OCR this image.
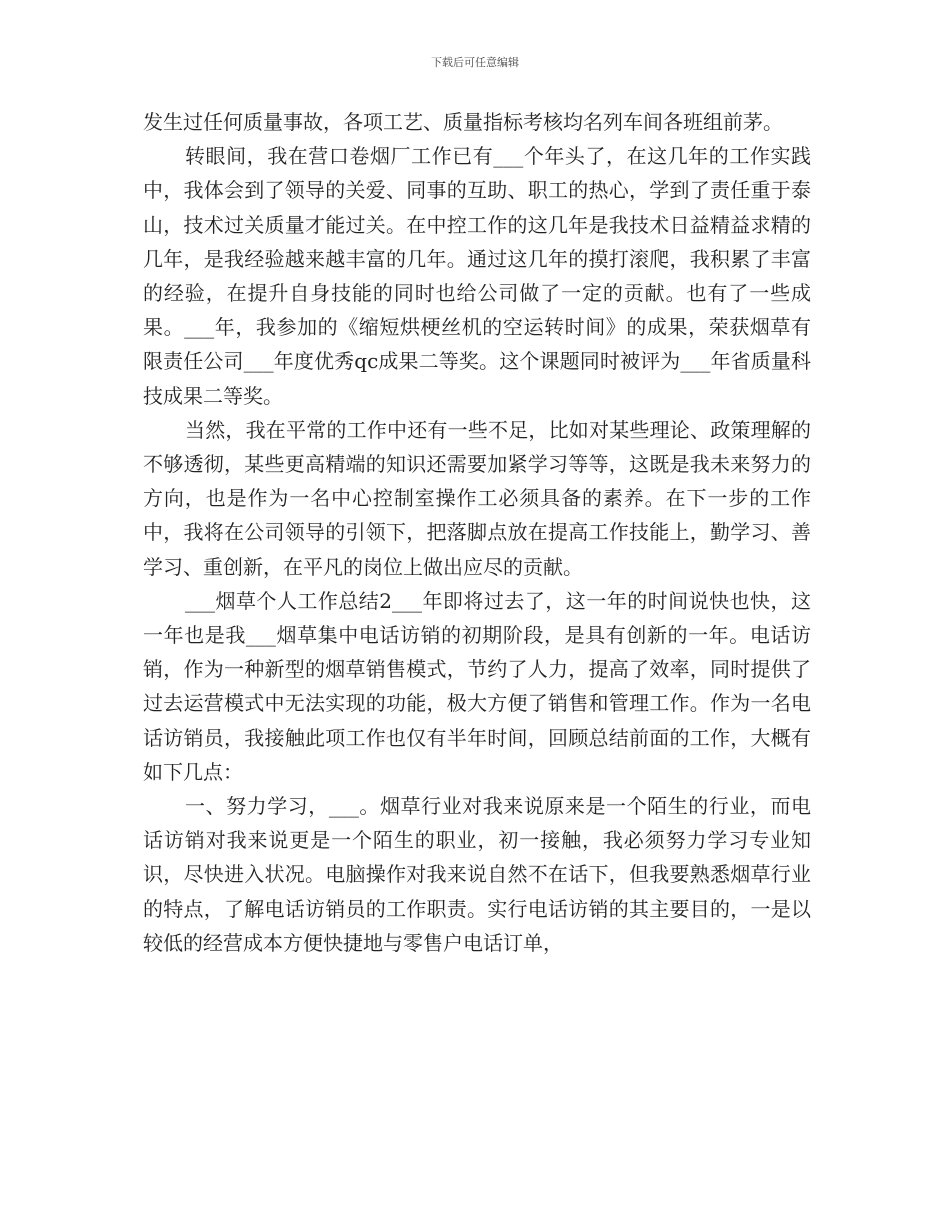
下载后可任意编辑

发生过任何质量事故，各项工艺、质量指标考核均名列车间各班组前茅。

转眼间，我在营口卷烟厂工作已有___个年头了，在这几年的工作实践中，我体会到了领导的关爱、同事的互助、职工的热心，学到了责任重于泰山，技术过关质量才能过关。在中控工作的这几年是我技术日益精益求精的几年，是我经验越来越丰富的几年。通过这几年的摸打滚爬，我积累了丰富的经验，在提升自身技能的同时也给公司做了一定的贡献。也有了一些成果。___年，我参加的《缩短烘梗丝机的空运转时间》的成果，荣获烟草有限责任公司___年度优秀qc成果二等奖。这个课题同时被评为___年省质量科技成果二等奖。

当然，我在平常的工作中还有一些不足，比如对某些理论、政策理解的不够透彻，某些更高精端的知识还需要加紧学习等等，这既是我未来努力的方向，也是作为一名中心控制室操作工必须具备的素养。在下一步的工作中，我将在公司领导的引领下，把落脚点放在提高工作技能上，勤学习、善学习、重创新，在平凡的岗位上做出应尽的贡献。

___烟草个人工作总结2___年即将过去了，这一年的时间说快也快，这一年也是我___烟草集中电话访销的初期阶段，是具有创新的一年。电话访销，作为一种新型的烟草销售模式，节约了人力，提高了效率，同时提供了过去运营模式中无法实现的功能，极大方便了销售和管理工作。作为一名电话访销员，我接触此项工作也仅有半年时间，回顾总结前面的工作，大概有如下几点：

一、努力学习，___。烟草行业对我来说原来是一个陌生的行业，而电话访销对我来说更是一个陌生的职业，初一接触，我必须努力学习专业知识，尽快进入状况。电脑操作对我来说自然不在话下，但我要熟悉烟草行业的特点，了解电话访销员的工作职责。实行电话访销的其主要目的，一是以较低的经营成本方便快捷地与零售户电话订单，
